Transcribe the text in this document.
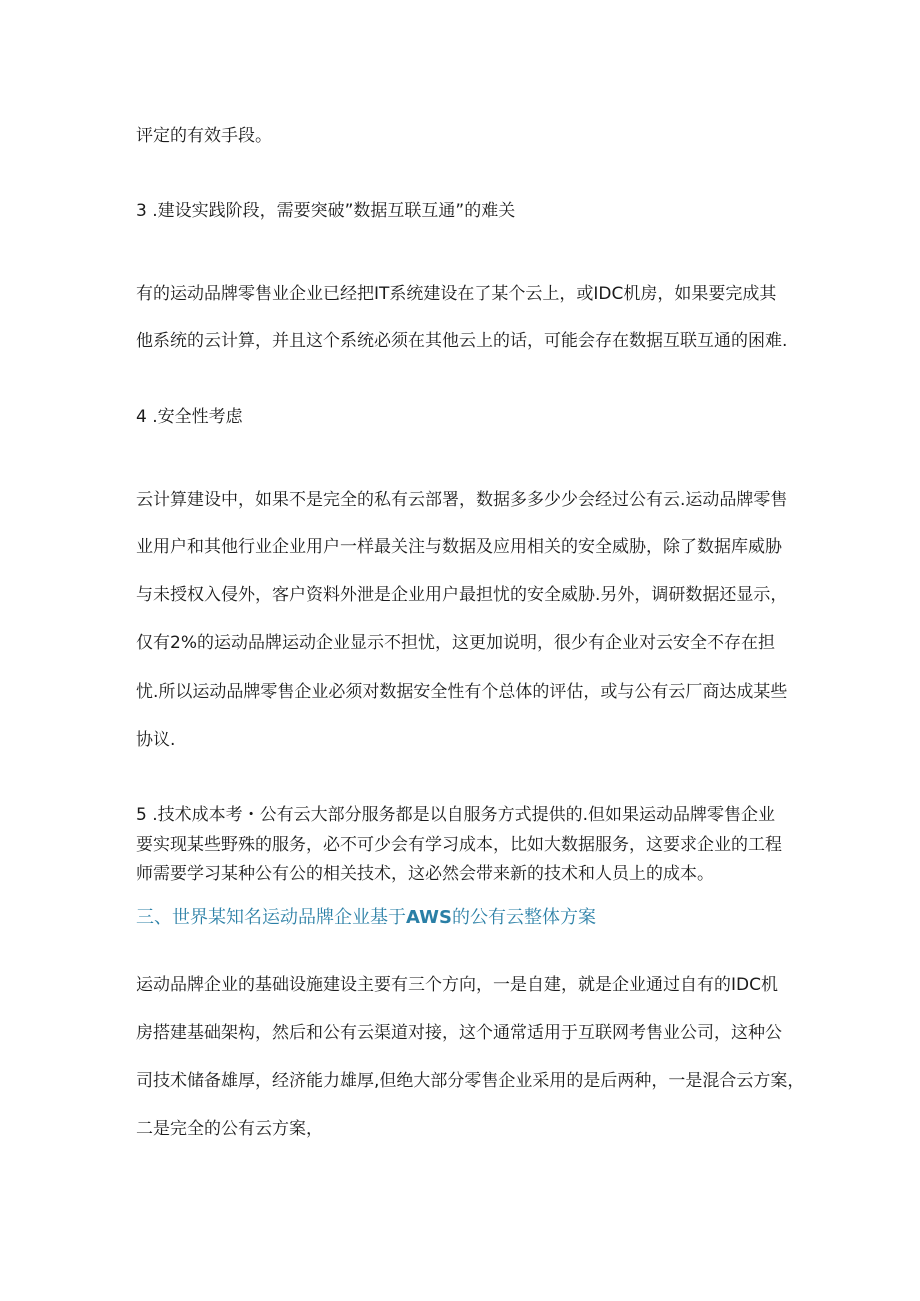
评定的有效手段。

3 .建设实践阶段，需要突破”数据互联互通”的难关

有的运动品牌零售业企业已经把IT系统建设在了某个云上，或IDC机房，如果要完成其

他系统的云计算，并且这个系统必须在其他云上的话，可能会存在数据互联互通的困难.

4 .安全性考虑

云计算建设中，如果不是完全的私有云部署，数据多多少少会经过公有云.运动品牌零售

业用户和其他行业企业用户一样最关注与数据及应用相关的安全威胁，除了数据库威胁

与未授权入侵外，客户资料外泄是企业用户最担忧的安全威胁.另外，调研数据还显示，

仅有2%的运动品牌运动企业显示不担忧，这更加说明，很少有企业对云安全不存在担

忧.所以运动品牌零售企业必须对数据安全性有个总体的评估，或与公有云厂商达成某些

协议.

5 .技术成本考・公有云大部分服务都是以自服务方式提供的.但如果运动品牌零售企业

要实现某些野殊的服务，必不可少会有学习成本，比如大数据服务，这要求企业的工程

师需要学习某种公有公的相关技术，这必然会带来新的技术和人员上的成本。

三、世界某知名运动品牌企业基于AWS的公有云整体方案

运动品牌企业的基础设施建设主要有三个方向，一是自建，就是企业通过自有的IDC机

房搭建基础架构，然后和公有云渠道对接，这个通常适用于互联网考售业公司，这种公

司技术储备雄厚，经济能力雄厚,但绝大部分零售企业采用的是后两种，一是混合云方案，

二是完全的公有云方案，
